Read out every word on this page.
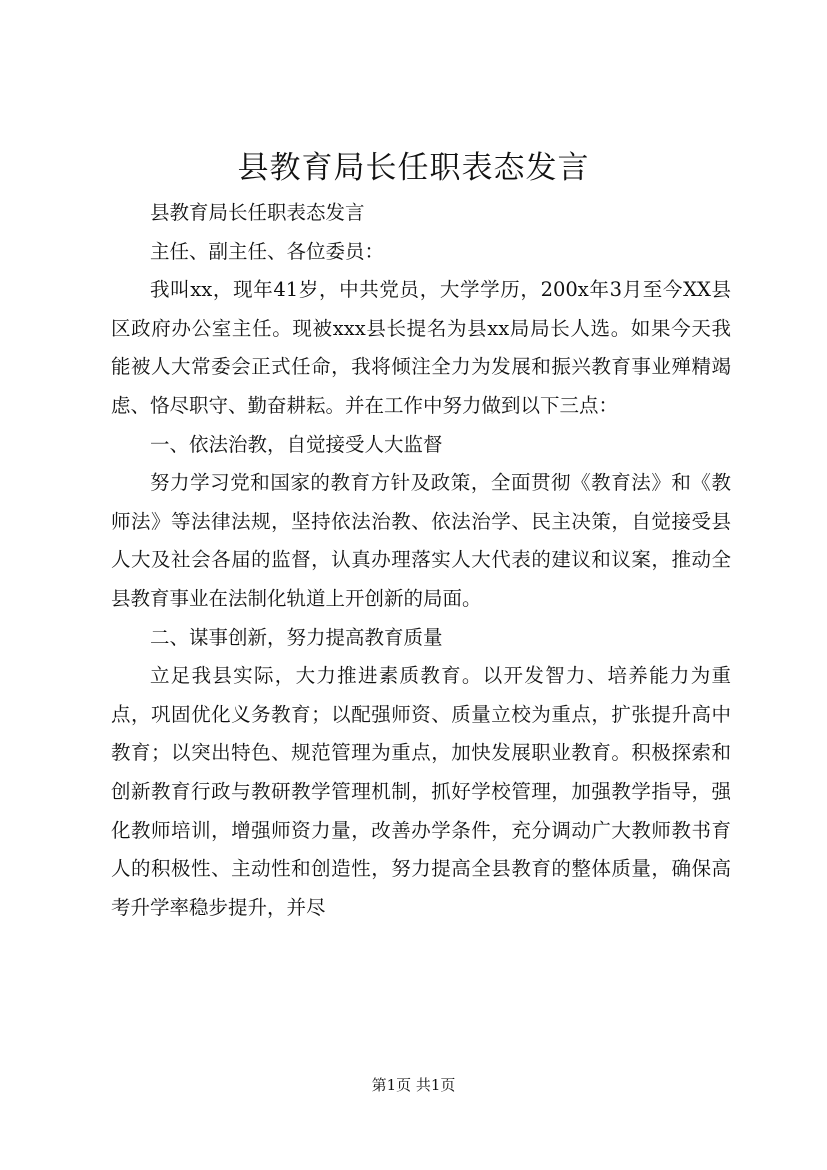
县教育局长任职表态发言

县教育局长任职表态发言

主任、副主任、各位委员：

我叫xx，现年41岁，中共党员，大学学历，200x年3月至今XX县区政府办公室主任。现被xxx县长提名为县xx局局长人选。如果今天我能被人大常委会正式任命，我将倾注全力为发展和振兴教育事业殚精竭虑、恪尽职守、勤奋耕耘。并在工作中努力做到以下三点：

一、依法治教，自觉接受人大监督

努力学习党和国家的教育方针及政策，全面贯彻《教育法》和《教师法》等法律法规，坚持依法治教、依法治学、民主决策，自觉接受县人大及社会各届的监督，认真办理落实人大代表的建议和议案，推动全县教育事业在法制化轨道上开创新的局面。

二、谋事创新，努力提高教育质量

立足我县实际，大力推进素质教育。以开发智力、培养能力为重点，巩固优化义务教育；以配强师资、质量立校为重点，扩张提升高中教育；以突出特色、规范管理为重点，加快发展职业教育。积极探索和创新教育行政与教研教学管理机制，抓好学校管理，加强教学指导，强化教师培训，增强师资力量，改善办学条件，充分调动广大教师教书育人的积极性、主动性和创造性，努力提高全县教育的整体质量，确保高考升学率稳步提升，并尽

第1页 共1页
